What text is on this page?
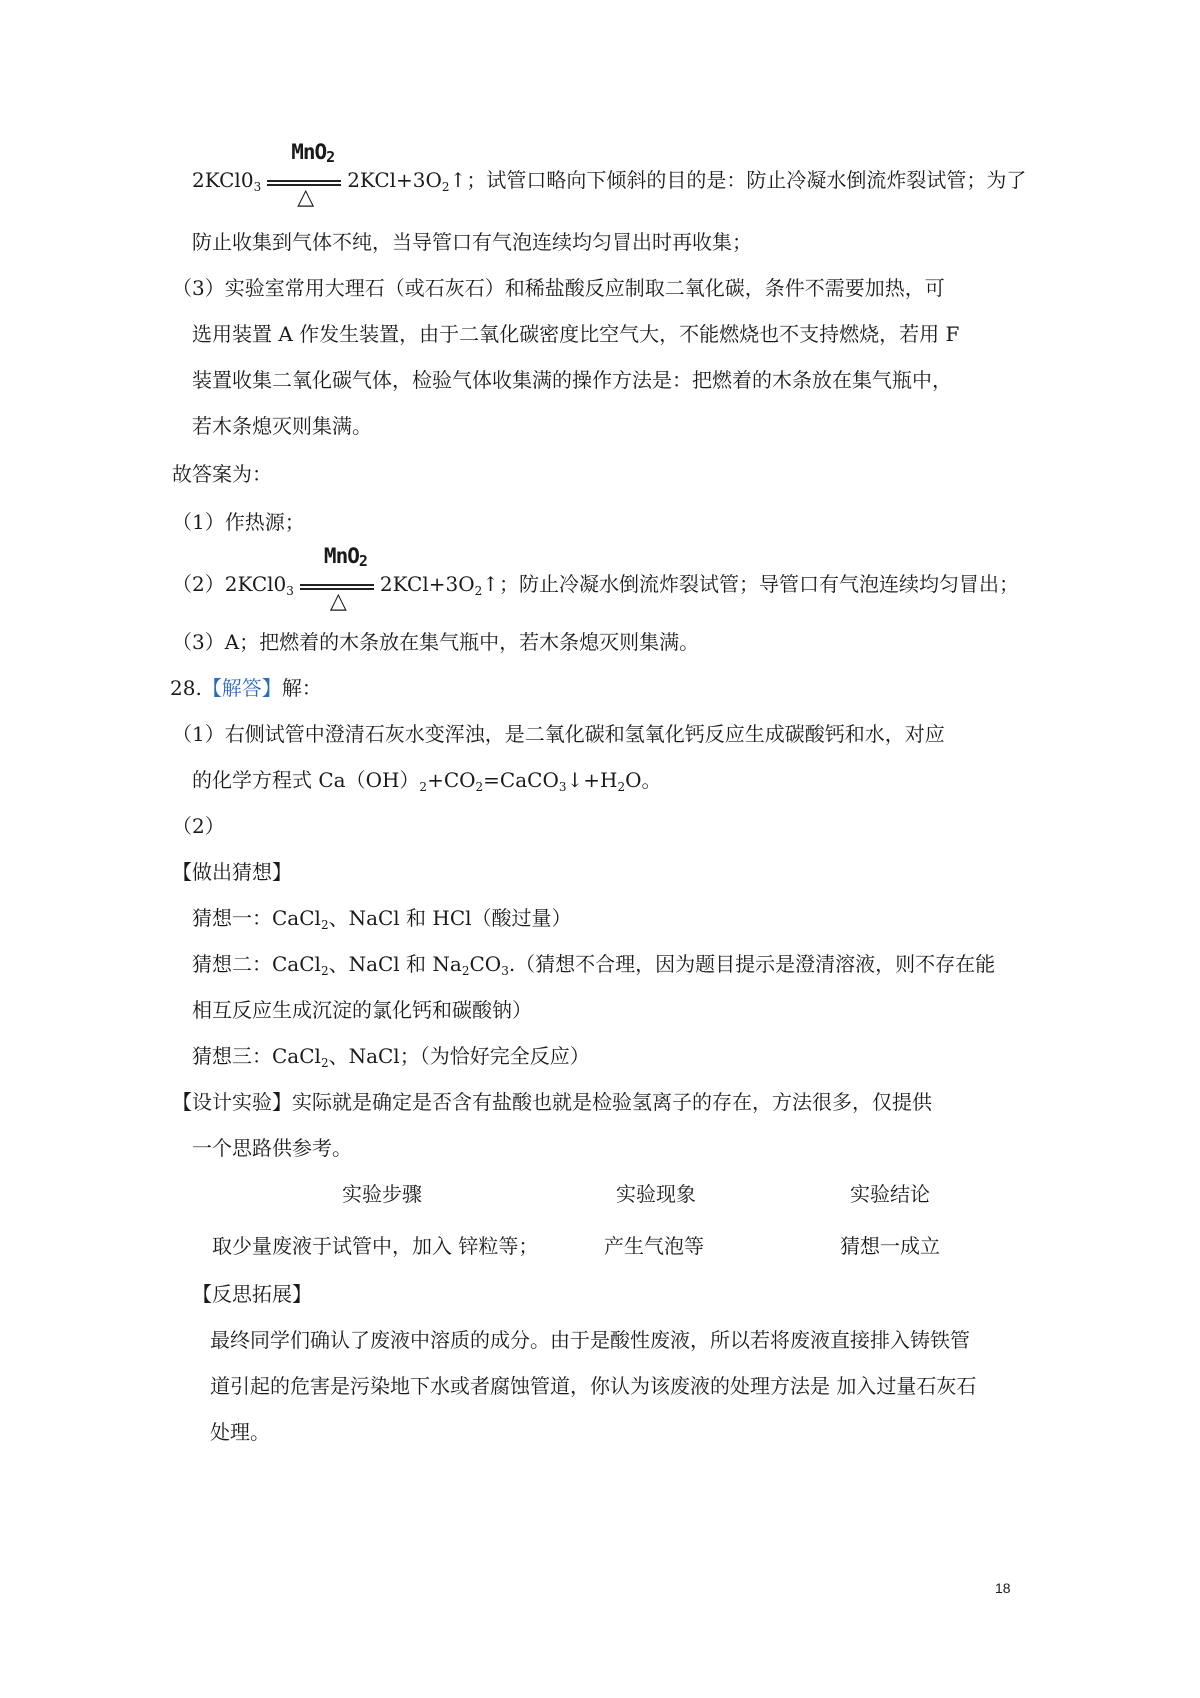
$2KCl0_3$
MnO2
△
$2KCl+3O_2↑$；试管口略向下倾斜的目的是：防止冷凝水倒流炸裂试管；为了
防止收集到气体不纯，当导管口有气泡连续均匀冒出时再收集；
（3）实验室常用大理石（或石灰石）和稀盐酸反应制取二氧化碳，条件不需要加热，可
选用装置 A 作发生装置，由于二氧化碳密度比空气大，不能燃烧也不支持燃烧，若用 F
装置收集二氧化碳气体，检验气体收集满的操作方法是：把燃着的木条放在集气瓶中，
若木条熄灭则集满。
故答案为：
（1）作热源；
$(2)2KCl0_3$
MnO2
△
$2KCl+3O_2↑$；防止冷凝水倒流炸裂试管；导管口有气泡连续均匀冒出；
（3）A；把燃着的木条放在集气瓶中，若木条熄灭则集满。
28.【解答】解：
（1）右侧试管中澄清石灰水变浑浊，是二氧化碳和氢氧化钙反应生成碳酸钙和水，对应
的化学方程式 $Ca(OH)_2+CO_2=CaCO_3↓+H_2O$。
（2）
【做出猜想】
猜想一：CaCl$_2$、NaCl 和 HCl（酸过量）
猜想二：CaCl$_2$、NaCl 和 $Na_2CO_3$.（猜想不合理，因为题目提示是澄清溶液，则不存在能
相互反应生成沉淀的氯化钙和碳酸钠）
猜想三：CaCl$_2$、NaCl；（为恰好完全反应）
【设计实验】实际就是确定是否含有盐酸也就是检验氢离子的存在，方法很多，仅提供
一个思路供参考。
实验步骤	实验现象	实验结论
取少量废液于试管中，加入 锌粒等；	产生气泡等	猜想一成立
【反思拓展】
最终同学们确认了废液中溶质的成分。由于是酸性废液，所以若将废液直接排入铸铁管
道引起的危害是污染地下水或者腐蚀管道，你认为该废液的处理方法是 加入过量石灰石
处理。
18
